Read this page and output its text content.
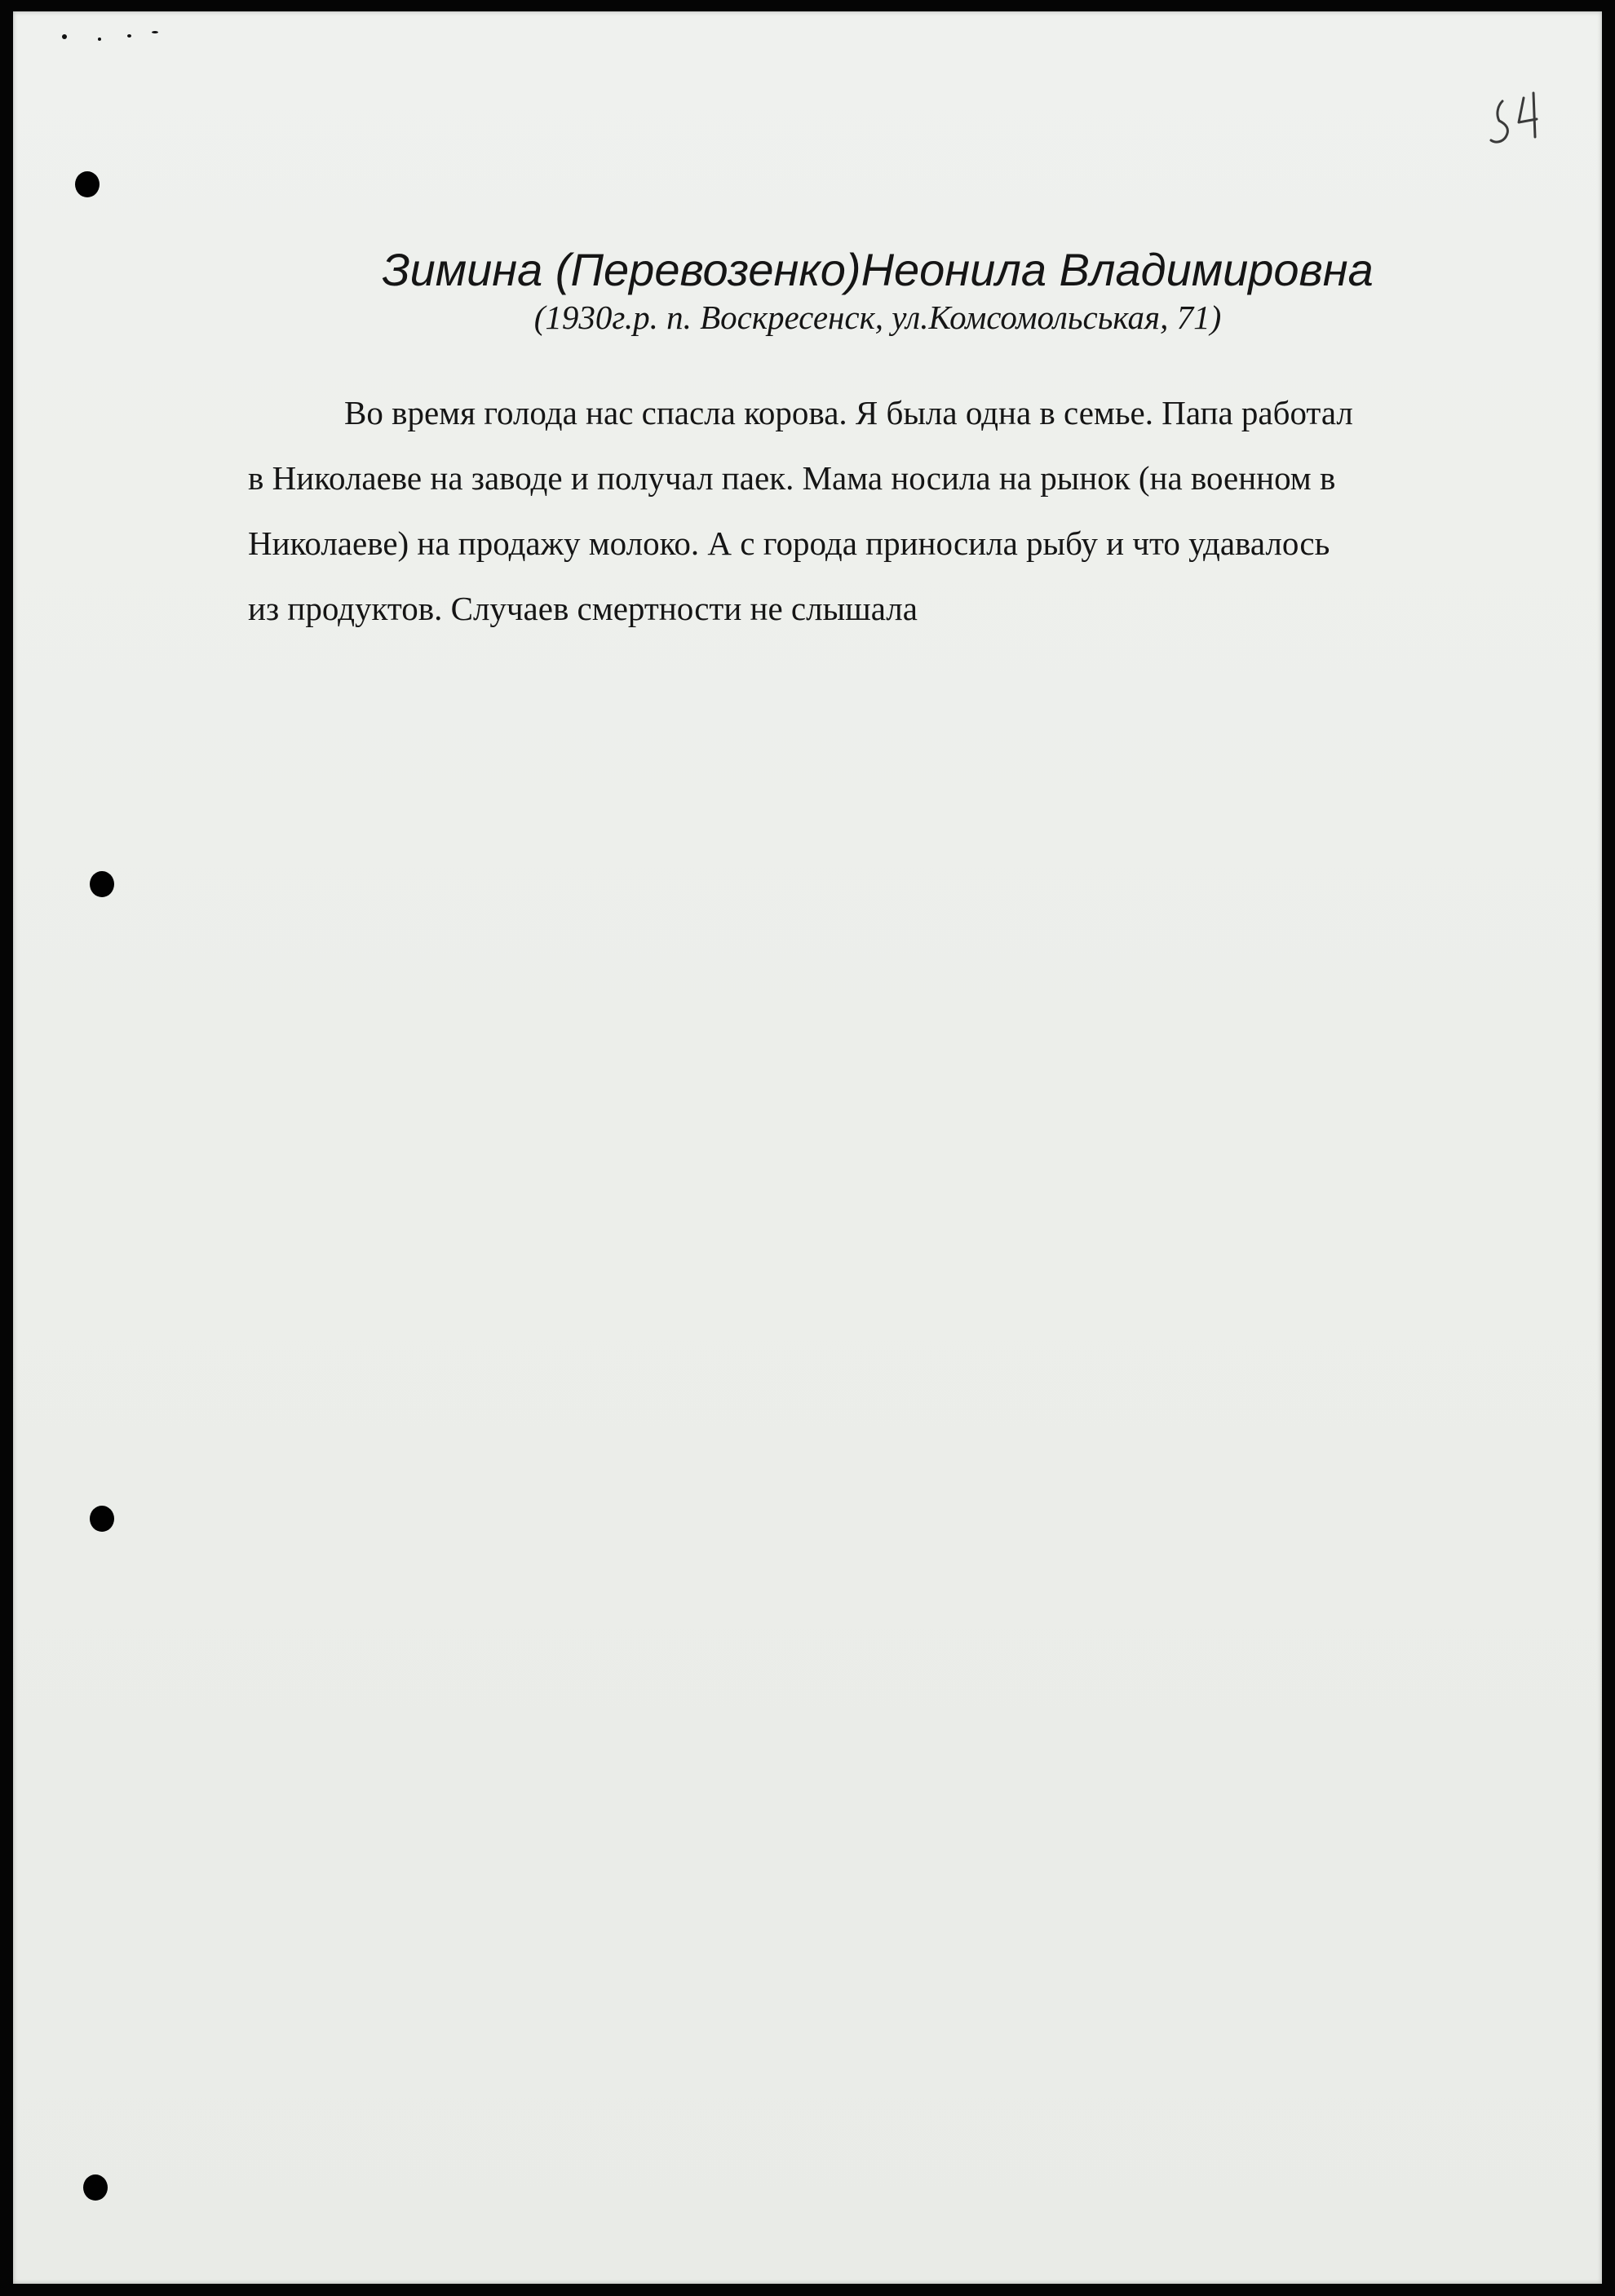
Зимина (Перевозенко)Неонила Владимировна
(1930г.р. п. Воскресенск, ул.Комсомольськая, 71)
Во время голода нас спасла корова. Я была одна в семье. Папа работал
в Николаеве на заводе и получал паек. Мама носила на рынок (на военном в
Николаеве) на продажу молоко. А с города приносила рыбу и что удавалось
из продуктов. Случаев смертности не слышала
